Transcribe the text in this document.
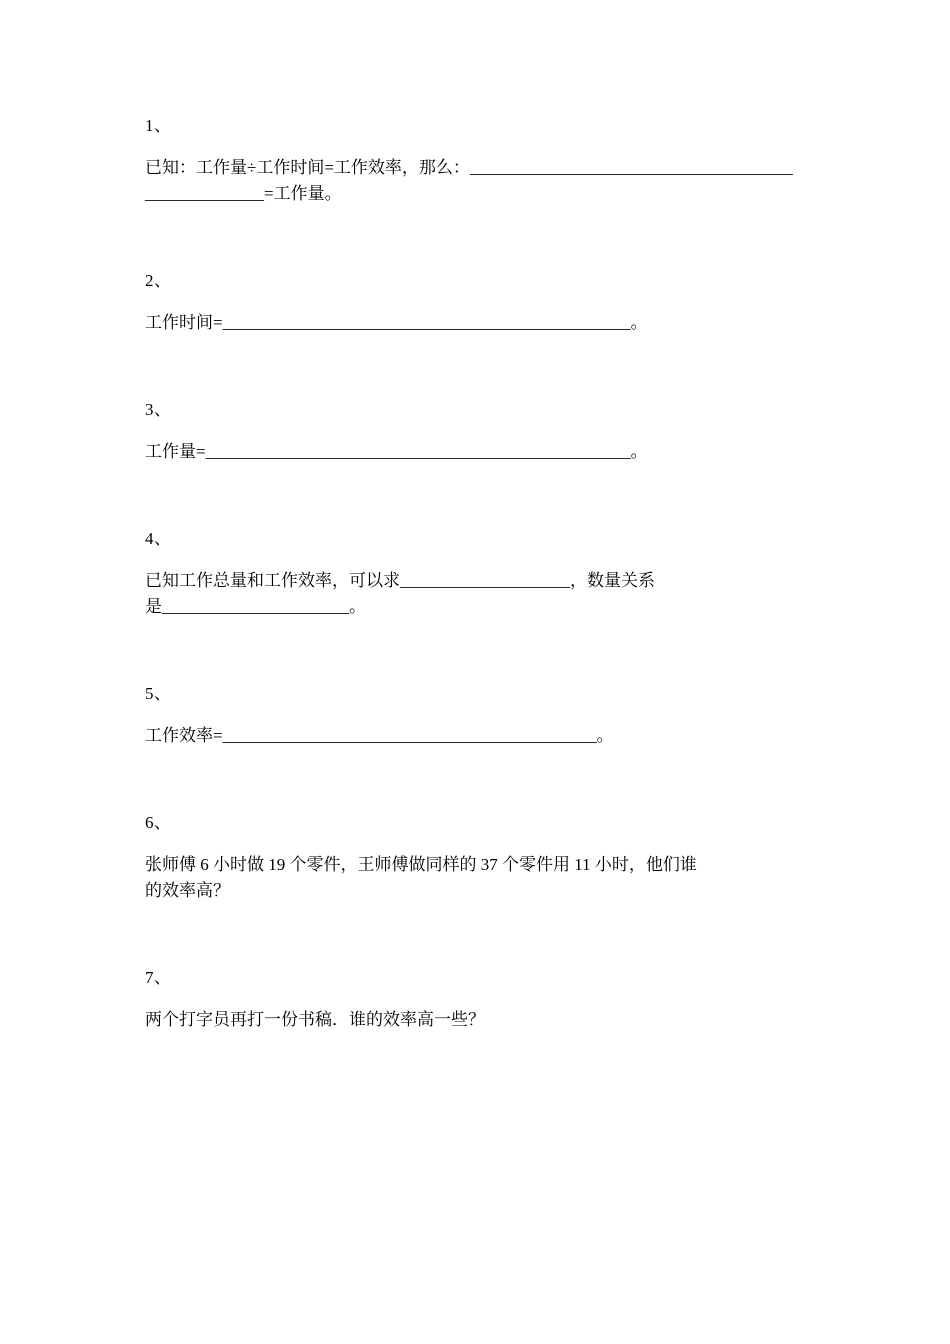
1、
已知：工作量÷工作时间=工作效率，那么：______________________________________
______________=工作量。
2、
工作时间=________________________________________________。
3、
工作量=__________________________________________________。
4、
已知工作总量和工作效率，可以求____________________，数量关系
是______________________。
5、
工作效率=____________________________________________。
6、
张师傅 6 小时做 19 个零件，王师傅做同样的 37 个零件用 11 小时，他们谁
的效率高？
7、
两个打字员再打一份书稿．谁的效率高一些？
